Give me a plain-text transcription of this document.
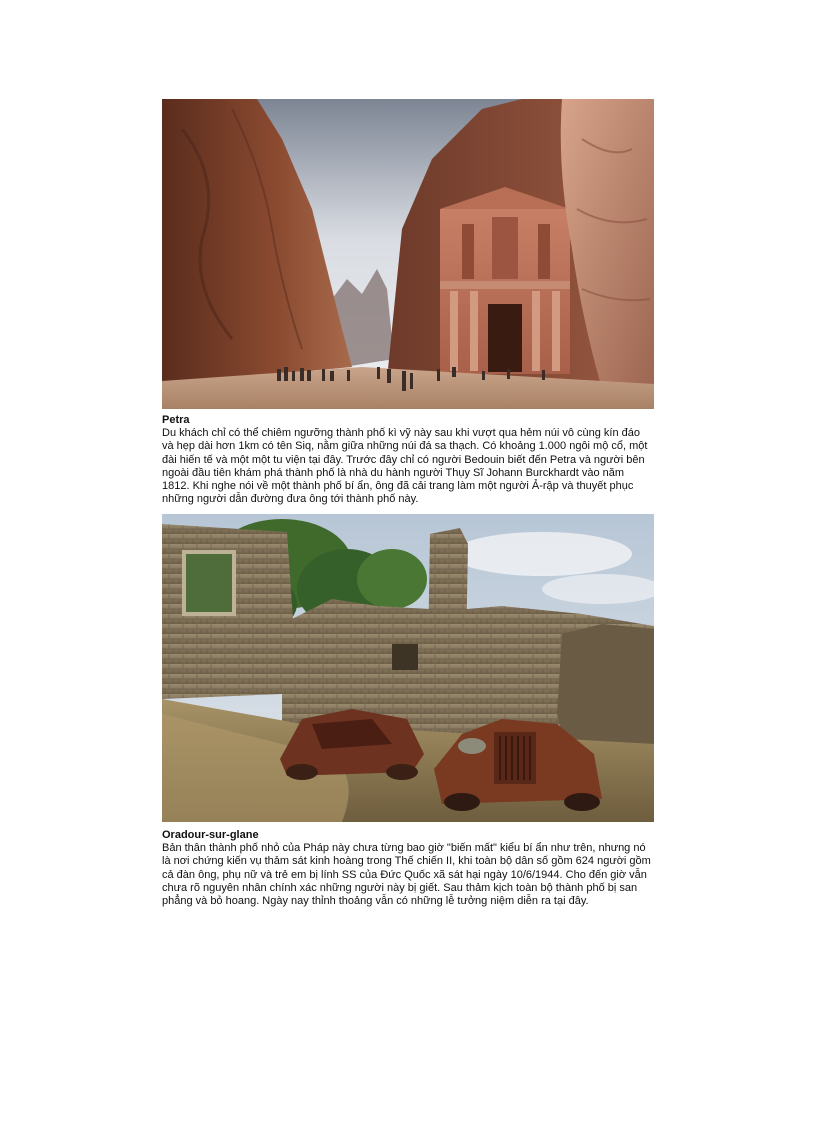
Petra
Du khách chỉ có thể chiêm ngưỡng thành phố kì vỹ này sau khi vượt qua hẻm núi vô cùng kín đáo và hẹp dài hơn 1km có tên Siq, nằm giữa những núi đá sa thạch. Có khoảng 1.000 ngôi mộ cổ, một đài hiến tế và một một tu viện tại đây. Trước đây chỉ có người Bedouin biết đến Petra và người bên ngoài đầu tiên khám phá thành phố là nhà du hành người Thụy Sĩ Johann Burckhardt vào năm 1812. Khi nghe nói về một thành phố bí ẩn, ông đã cải trang làm một người Ả-rập và thuyết phục những người dẫn đường đưa ông tới thành phố này.
Oradour-sur-glane
Bản thân thành phố nhỏ của Pháp này chưa từng bao giờ "biến mất" kiểu bí ẩn như trên, nhưng nó là nơi chứng kiến vụ thảm sát kinh hoàng trong Thế chiến II, khi toàn bộ dân số gồm 624 người gồm cả đàn ông, phụ nữ và trẻ em bị lính SS của Đức Quốc xã sát hại ngày 10/6/1944. Cho đến giờ vẫn chưa rõ nguyên nhân chính xác những người này bị giết. Sau thảm kịch toàn bộ thành phố bị san phẳng và bỏ hoang. Ngày nay thỉnh thoảng vẫn có những lễ tưởng niệm diễn ra tại đây.
